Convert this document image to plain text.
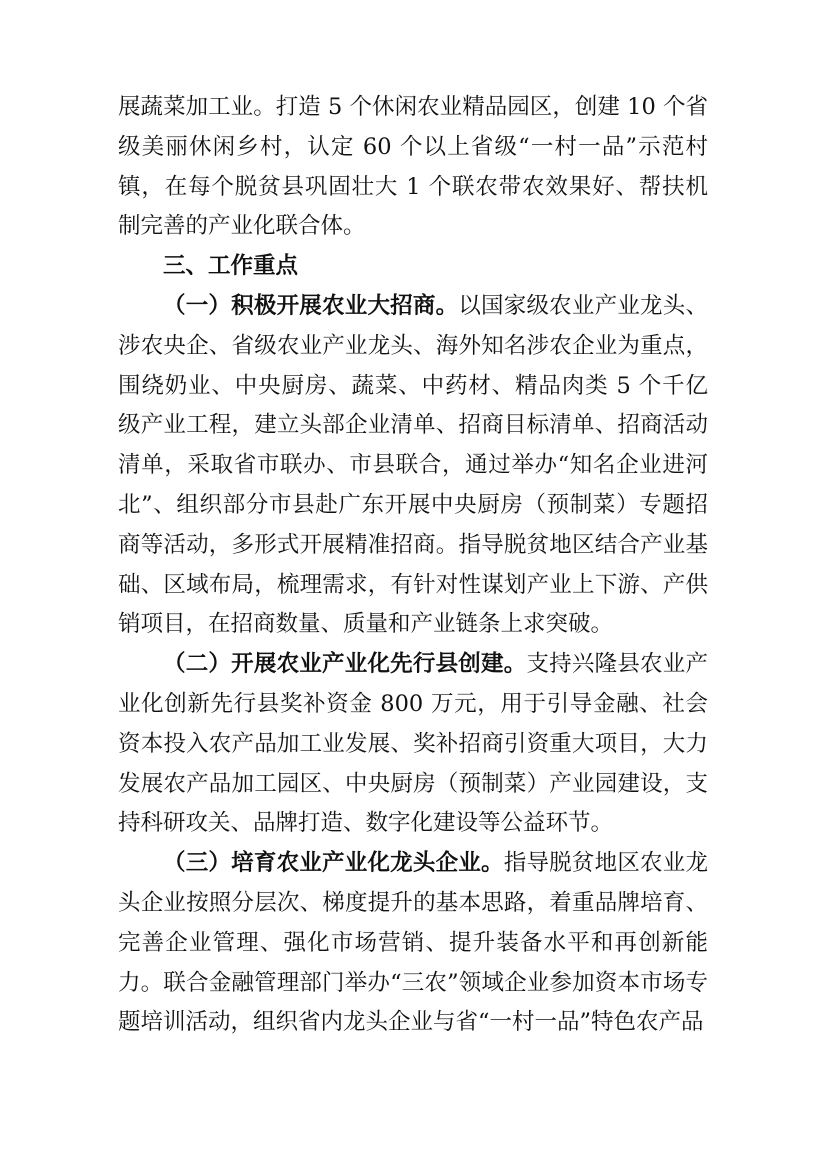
展蔬菜加工业。打造 5 个休闲农业精品园区，创建 10 个省级美丽休闲乡村，认定 60 个以上省级“一村一品”示范村镇，在每个脱贫县巩固壮大 1 个联农带农效果好、帮扶机制完善的产业化联合体。

三、工作重点

（一）积极开展农业大招商。以国家级农业产业龙头、涉农央企、省级农业产业龙头、海外知名涉农企业为重点，围绕奶业、中央厨房、蔬菜、中药材、精品肉类 5 个千亿级产业工程，建立头部企业清单、招商目标清单、招商活动清单，采取省市联办、市县联合，通过举办“知名企业进河北”、组织部分市县赴广东开展中央厨房（预制菜）专题招商等活动，多形式开展精准招商。指导脱贫地区结合产业基础、区域布局，梳理需求，有针对性谋划产业上下游、产供销项目，在招商数量、质量和产业链条上求突破。

（二）开展农业产业化先行县创建。支持兴隆县农业产业化创新先行县奖补资金 800 万元，用于引导金融、社会资本投入农产品加工业发展、奖补招商引资重大项目，大力发展农产品加工园区、中央厨房（预制菜）产业园建设，支持科研攻关、品牌打造、数字化建设等公益环节。

（三）培育农业产业化龙头企业。指导脱贫地区农业龙头企业按照分层次、梯度提升的基本思路，着重品牌培育、完善企业管理、强化市场营销、提升装备水平和再创新能力。联合金融管理部门举办“三农”领域企业参加资本市场专题培训活动，组织省内龙头企业与省“一村一品”特色农产品
